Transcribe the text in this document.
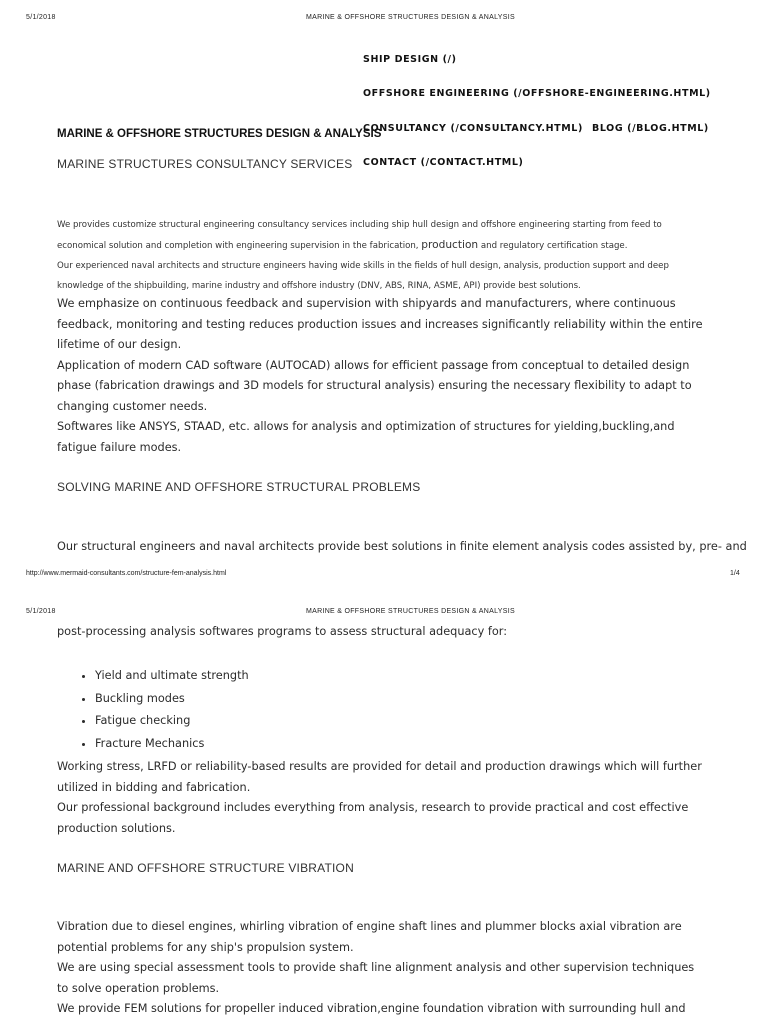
5/1/2018	MARINE & OFFSHORE STRUCTURES DESIGN & ANALYSIS
SHIP DESIGN (/)
OFFSHORE ENGINEERING (/OFFSHORE-ENGINEERING.HTML)
CONSULTANCY (/CONSULTANCY.HTML) BLOG (/BLOG.HTML)
CONTACT (/CONTACT.HTML)
MARINE & OFFSHORE STRUCTURES DESIGN & ANALYSIS
MARINE STRUCTURES CONSULTANCY SERVICES
We provides customize structural engineering consultancy services including ship hull design and offshore engineering starting from feed to
economical solution and completion with engineering supervision in the fabrication, production and regulatory certification stage.
Our experienced naval architects and structure engineers having wide skills in the fields of hull design, analysis, production support and deep
knowledge of the shipbuilding, marine industry and offshore industry (DNV, ABS, RINA, ASME, API) provide best solutions.
We emphasize on continuous feedback and supervision with shipyards and manufacturers, where continuous feedback, monitoring and testing reduces production issues and increases significantly reliability within the entire lifetime of our design.
Application of modern CAD software (AUTOCAD) allows for efficient passage from conceptual to detailed design phase (fabrication drawings and 3D models for structural analysis) ensuring the necessary flexibility to adapt to changing customer needs.
Softwares like ANSYS, STAAD, etc. allows for analysis and optimization of structures for yielding,buckling,and fatigue failure modes.
SOLVING MARINE AND OFFSHORE STRUCTURAL PROBLEMS
Our structural engineers and naval architects provide best solutions in finite element analysis codes assisted by, pre- and
http://www.mermaid-consultants.com/structure-fem-analysis.html	1/4
5/1/2018	MARINE & OFFSHORE STRUCTURES DESIGN & ANALYSIS
post-processing analysis softwares programs to assess structural adequacy for:
• Yield and ultimate strength
• Buckling modes
• Fatigue checking
• Fracture Mechanics
Working stress, LRFD or reliability-based results are provided for detail and production drawings which will further utilized in bidding and fabrication.
Our professional background includes everything from analysis, research to provide practical and cost effective production solutions.
MARINE AND OFFSHORE STRUCTURE VIBRATION
Vibration due to diesel engines, whirling vibration of engine shaft lines and plummer blocks axial vibration are potential problems for any ship's propulsion system.
We are using special assessment tools to provide shaft line alignment analysis and other supervision techniques to solve operation problems.
We provide FEM solutions for propeller induced vibration,engine foundation vibration with surrounding hull and
